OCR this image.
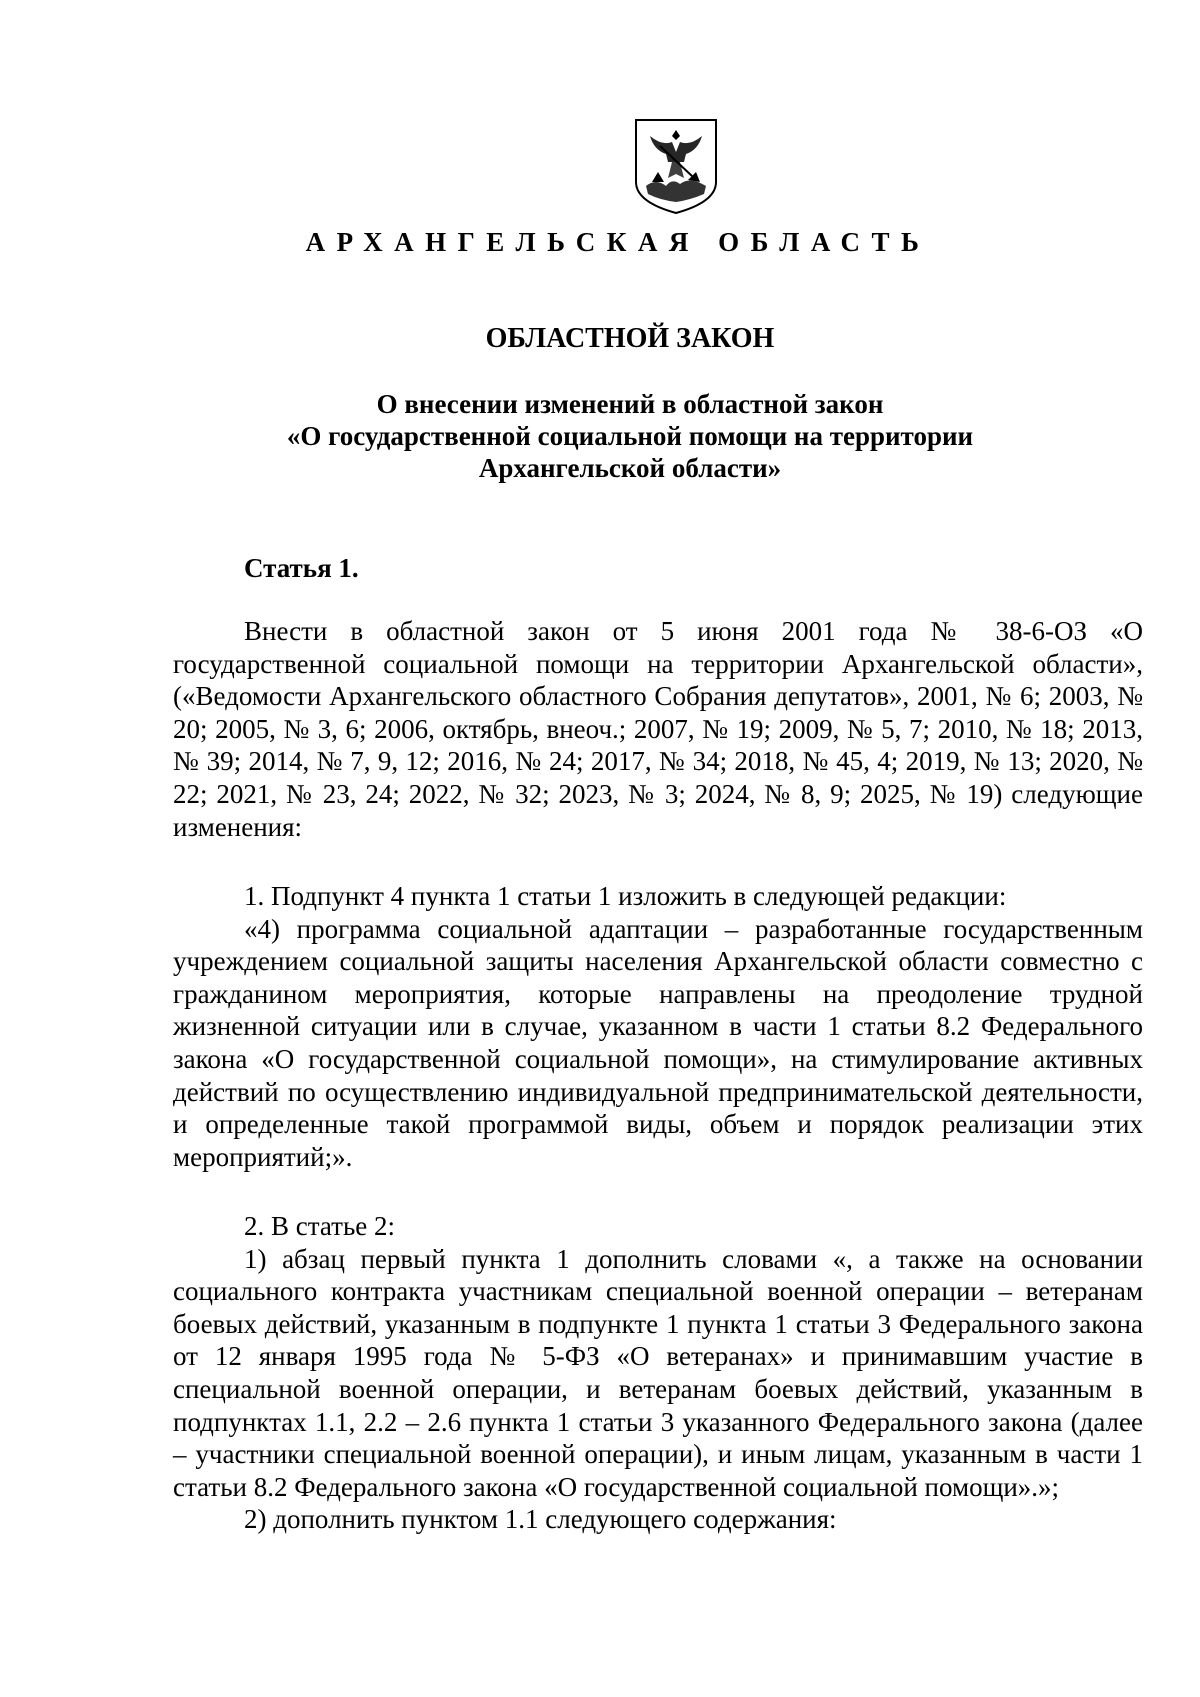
АРХАНГЕЛЬСКАЯ ОБЛАСТЬ
ОБЛАСТНОЙ ЗАКОН
О внесении изменений в областной закон
«О государственной социальной помощи на территории
Архангельской области»
Статья 1.

Внести в областной закон от 5 июня 2001 года № 38-6-ОЗ «О государственной социальной помощи на территории Архангельской области», («Ведомости Архангельского областного Собрания депутатов», 2001, № 6; 2003, № 20; 2005, № 3, 6; 2006, октябрь, внеоч.; 2007, № 19; 2009, № 5, 7; 2010, № 18; 2013, № 39; 2014, № 7, 9, 12; 2016, № 24; 2017, № 34; 2018, № 45, 4; 2019, № 13; 2020, № 22; 2021, № 23, 24; 2022, № 32; 2023, № 3; 2024, № 8, 9; 2025, № 19) следующие изменения:

1. Подпункт 4 пункта 1 статьи 1 изложить в следующей редакции:

«4) программа социальной адаптации – разработанные государственным учреждением социальной защиты населения Архангельской области совместно с гражданином мероприятия, которые направлены на преодоление трудной жизненной ситуации или в случае, указанном в части 1 статьи 8.2 Федерального закона «О государственной социальной помощи», на стимулирование активных действий по осуществлению индивидуальной предпринимательской деятельности, и определенные такой программой виды, объем и порядок реализации этих мероприятий;».

2. В статье 2:

1) абзац первый пункта 1 дополнить словами «, а также на основании социального контракта участникам специальной военной операции – ветеранам боевых действий, указанным в подпункте 1 пункта 1 статьи 3 Федерального закона от 12 января 1995 года № 5-ФЗ «О ветеранах» и принимавшим участие в специальной военной операции, и ветеранам боевых действий, указанным в подпунктах 1.1, 2.2 – 2.6 пункта 1 статьи 3 указанного Федерального закона (далее – участники специальной военной операции), и иным лицам, указанным в части 1 статьи 8.2 Федерального закона «О государственной социальной помощи».»;

2) дополнить пунктом 1.1 следующего содержания:
